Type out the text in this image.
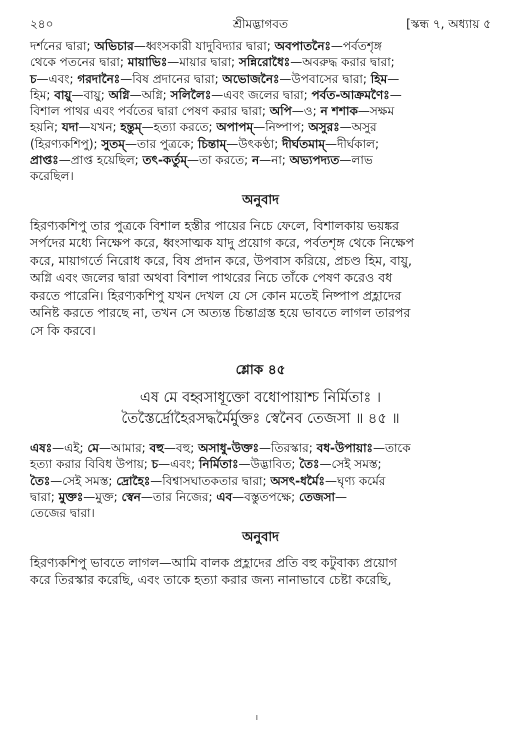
২৪০	শ্রীমদ্ভাগবত	[স্কন্ধ ৭, অধ্যায় ৫
দর্শনের দ্বারা; অভিচার—ধ্বংসকারী যাদুবিদ্যার দ্বারা; অবপাতনৈঃ—পর্বতশৃঙ্গ
থেকে পতনের দ্বারা; মায়াভিঃ—মায়ার দ্বারা; সন্নিরোধৈঃ—অবরুদ্ধ করার দ্বারা;
চ—এবং; গরদানৈঃ—বিষ প্রদানের দ্বারা; অভোজনৈঃ—উপবাসের দ্বারা; হিম—
হিম; বায়ু—বায়ু; অগ্নি—অগ্নি; সলিলৈঃ—এবং জলের দ্বারা; পর্বত-আক্রমণৈঃ—
বিশাল পাথর এবং পর্বতের দ্বারা পেষণ করার দ্বারা; অপি—ও; ন শশাক—সক্ষম
হয়নি; যদা—যখন; হন্তুম্—হত্যা করতে; অপাপম্—নিষ্পাপ; অসুরঃ—অসুর
(হিরণ্যকশিপু); সুতম্—তার পুত্রকে; চিন্তাম্—উৎকণ্ঠা; দীর্ঘতমাম্—দীর্ঘকাল;
প্রাপ্তঃ—প্রাপ্ত হয়েছিল; তৎ-কর্তুম্—তা করতে; ন—না; অভ্যপদ্যত—লাভ
করেছিল।
অনুবাদ
হিরণ্যকশিপু তার পুত্রকে বিশাল হস্তীর পায়ের নিচে ফেলে, বিশালকায় ভয়ঙ্কর
সর্পদের মধ্যে নিক্ষেপ করে, ধ্বংসাত্মক যাদু প্রয়োগ করে, পর্বতশৃঙ্গ থেকে নিক্ষেপ
করে, মায়াগর্তে নিরোধ করে, বিষ প্রদান করে, উপবাস করিয়ে, প্রচণ্ড হিম, বায়ু,
অগ্নি এবং জলের দ্বারা অথবা বিশাল পাথরের নিচে তাঁকে পেষণ করেও বধ
করতে পারেনি। হিরণ্যকশিপু যখন দেখল যে সে কোন মতেই নিষ্পাপ প্রহ্লাদের
অনিষ্ট করতে পারছে না, তখন সে অত্যন্ত চিন্তাগ্রস্ত হয়ে ভাবতে লাগল তারপর
সে কি করবে।
শ্লোক ৪৫
এষ মে বহ্বসাধূক্তো বধোপায়াশ্চ নির্মিতাঃ ।
তৈস্তৈর্দ্রোহৈরসদ্ধর্মৈর্মুক্তঃ স্বেনৈব তেজসা ॥ ৪৫ ॥
এষঃ—এই; মে—আমার; বহু—বহু; অসাধু-উক্তঃ—তিরস্কার; বধ-উপায়াঃ—তাকে
হত্যা করার বিবিধ উপায়; চ—এবং; নির্মিতাঃ—উদ্ভাবিত; তৈঃ—সেই সমস্ত;
তৈঃ—সেই সমস্ত; দ্রোহৈঃ—বিশ্বাসঘাতকতার দ্বারা; অসৎ-ধর্মৈঃ—ঘৃণ্য কর্মের
দ্বারা; মুক্তঃ—মুক্ত; স্বেন—তার নিজের; এব—বস্তুতপক্ষে; তেজসা—
তেজের দ্বারা।
অনুবাদ
হিরণ্যকশিপু ভাবতে লাগল—আমি বালক প্রহ্লাদের প্রতি বহু কটুবাক্য প্রয়োগ
করে তিরস্কার করেছি, এবং তাকে হত্যা করার জন্য নানাভাবে চেষ্টা করেছি,
।
